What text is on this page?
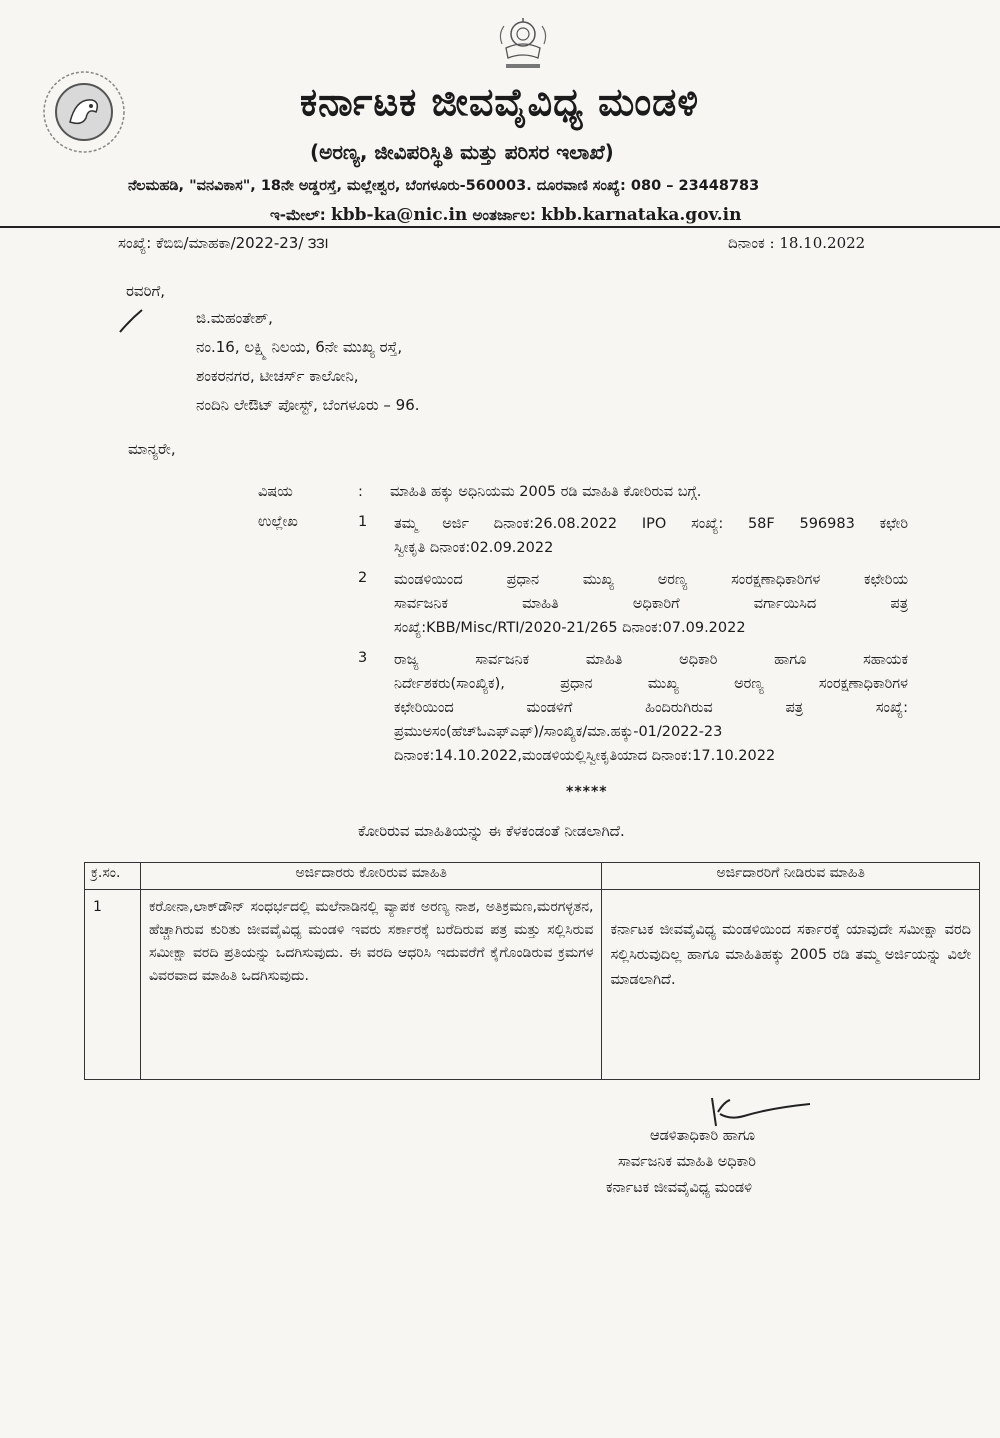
ಕರ್ನಾಟಕ ಜೀವವೈವಿಧ್ಯ ಮಂಡಳಿ
(ಅರಣ್ಯ, ಜೀವಿಪರಿಸ್ಥಿತಿ ಮತ್ತು ಪರಿಸರ ಇಲಾಖೆ)
ನೆಲಮಹಡಿ, "ವನವಿಕಾಸ", 18ನೇ ಅಡ್ಡರಸ್ತೆ, ಮಲ್ಲೇಶ್ವರ, ಬೆಂಗಳೂರು-560003. ದೂರವಾಣಿ ಸಂಖ್ಯೆ: 080 – 23448783
ಇ-ಮೇಲ್: kbb-ka@nic.in ಅಂತರ್ಜಾಲ: kbb.karnataka.gov.in
ಸಂಖ್ಯೆ: ಕೆಬಿಬಿ/ಮಾಹಕಾ/2022-23/ ౩౩౹	ದಿನಾಂಕ : 18.10.2022
ರವರಿಗೆ,
ಜಿ.ಮಹಂತೇಶ್,
ನಂ.16, ಲಕ್ಷ್ಮಿ ನಿಲಯ, 6ನೇ ಮುಖ್ಯ ರಸ್ತೆ,
ಶಂಕರನಗರ, ಟೀಚರ್ಸ್ ಕಾಲೋನಿ,
ನಂದಿನಿ ಲೇಔಟ್ ಪೋಸ್ಟ್, ಬೆಂಗಳೂರು – 96.
ಮಾನ್ಯರೇ,
ವಿಷಯ	: ಮಾಹಿತಿ ಹಕ್ಕು ಅಧಿನಿಯಮ 2005 ರಡಿ ಮಾಹಿತಿ ಕೋರಿರುವ ಬಗ್ಗೆ.
ಉಲ್ಲೇಖ	1 ತಮ್ಮ ಅರ್ಜಿ ದಿನಾಂಕ:26.08.2022 IPO ಸಂಖ್ಯೆ: 58F 596983 ಕಛೇರಿ
ಸ್ವೀಕೃತಿ ದಿನಾಂಕ:02.09.2022
2 ಮಂಡಳಿಯಿಂದ ಪ್ರಧಾನ ಮುಖ್ಯ ಅರಣ್ಯ ಸಂರಕ್ಷಣಾಧಿಕಾರಿಗಳ ಕಛೇರಿಯ
ಸಾರ್ವಜನಿಕ ಮಾಹಿತಿ ಅಧಿಕಾರಿಗೆ ವರ್ಗಾಯಿಸಿದ ಪತ್ರ
ಸಂಖ್ಯೆ:KBB/Misc/RTI/2020-21/265 ದಿನಾಂಕ:07.09.2022
3 ರಾಜ್ಯ ಸಾರ್ವಜನಿಕ ಮಾಹಿತಿ ಅಧಿಕಾರಿ ಹಾಗೂ ಸಹಾಯಕ
ನಿರ್ದೇಶಕರು(ಸಾಂಖ್ಯಿಕ), ಪ್ರಧಾನ ಮುಖ್ಯ ಅರಣ್ಯ ಸಂರಕ್ಷಣಾಧಿಕಾರಿಗಳ
ಕಛೇರಿಯಿಂದ ಮಂಡಳಿಗೆ ಹಿಂದಿರುಗಿರುವ ಪತ್ರ ಸಂಖ್ಯೆ:
ಪ್ರಮುಅಸಂ(ಹೆಚ್ಓಎಫ್ಎಫ್)/ಸಾಂಖ್ಯಿಕ/ಮಾ.ಹಕ್ಕು-01/2022-23
ದಿನಾಂಕ:14.10.2022,ಮಂಡಳಿಯಲ್ಲಿಸ್ವೀಕೃತಿಯಾದ ದಿನಾಂಕ:17.10.2022
*****
ಕೋರಿರುವ ಮಾಹಿತಿಯನ್ನು ಈ ಕೆಳಕಂಡಂತೆ ನೀಡಲಾಗಿದೆ.
ಕ್ರ.ಸಂ.	ಅರ್ಜಿದಾರರು ಕೋರಿರುವ ಮಾಹಿತಿ	ಅರ್ಜಿದಾರರಿಗೆ ನೀಡಿರುವ ಮಾಹಿತಿ
1	ಕರೋನಾ,ಲಾಕ್‌ಡೌನ್ ಸಂಧರ್ಭದಲ್ಲಿ ಮಲೆನಾಡಿನಲ್ಲಿ ವ್ಯಾಪಕ ಅರಣ್ಯ ನಾಶ, ಅತಿಕ್ರಮಣ,ಮರಗಳ್ಳತನ, ಹೆಚ್ಚಾಗಿರುವ ಕುರಿತು ಜೀವವೈವಿಧ್ಯ ಮಂಡಳಿ ಇವರು ಸರ್ಕಾರಕ್ಕೆ ಬರೆದಿರುವ ಪತ್ರ ಮತ್ತು ಸಲ್ಲಿಸಿರುವ ಸಮೀಕ್ಷಾ ವರದಿ ಪ್ರತಿಯನ್ನು ಒದಗಿಸುವುದು. ಈ ವರದಿ ಆಧರಿಸಿ ಇದುವರೆಗೆ ಕೈಗೊಂಡಿರುವ ಕ್ರಮಗಳ ವಿವರವಾದ ಮಾಹಿತಿ ಒದಗಿಸುವುದು.	ಕರ್ನಾಟಕ ಜೀವವೈವಿಧ್ಯ ಮಂಡಳಿಯಿಂದ ಸರ್ಕಾರಕ್ಕೆ ಯಾವುದೇ ಸಮೀಕ್ಷಾ ವರದಿ ಸಲ್ಲಿಸಿರುವುದಿಲ್ಲ ಹಾಗೂ ಮಾಹಿತಿಹಕ್ಕು 2005 ರಡಿ ತಮ್ಮ ಅರ್ಜಿಯನ್ನು ವಿಲೇ ಮಾಡಲಾಗಿದೆ.
ಆಡಳಿತಾಧಿಕಾರಿ ಹಾಗೂ
ಸಾರ್ವಜನಿಕ ಮಾಹಿತಿ ಅಧಿಕಾರಿ
ಕರ್ನಾಟಕ ಜೀವವೈವಿಧ್ಯ ಮಂಡಳಿ
